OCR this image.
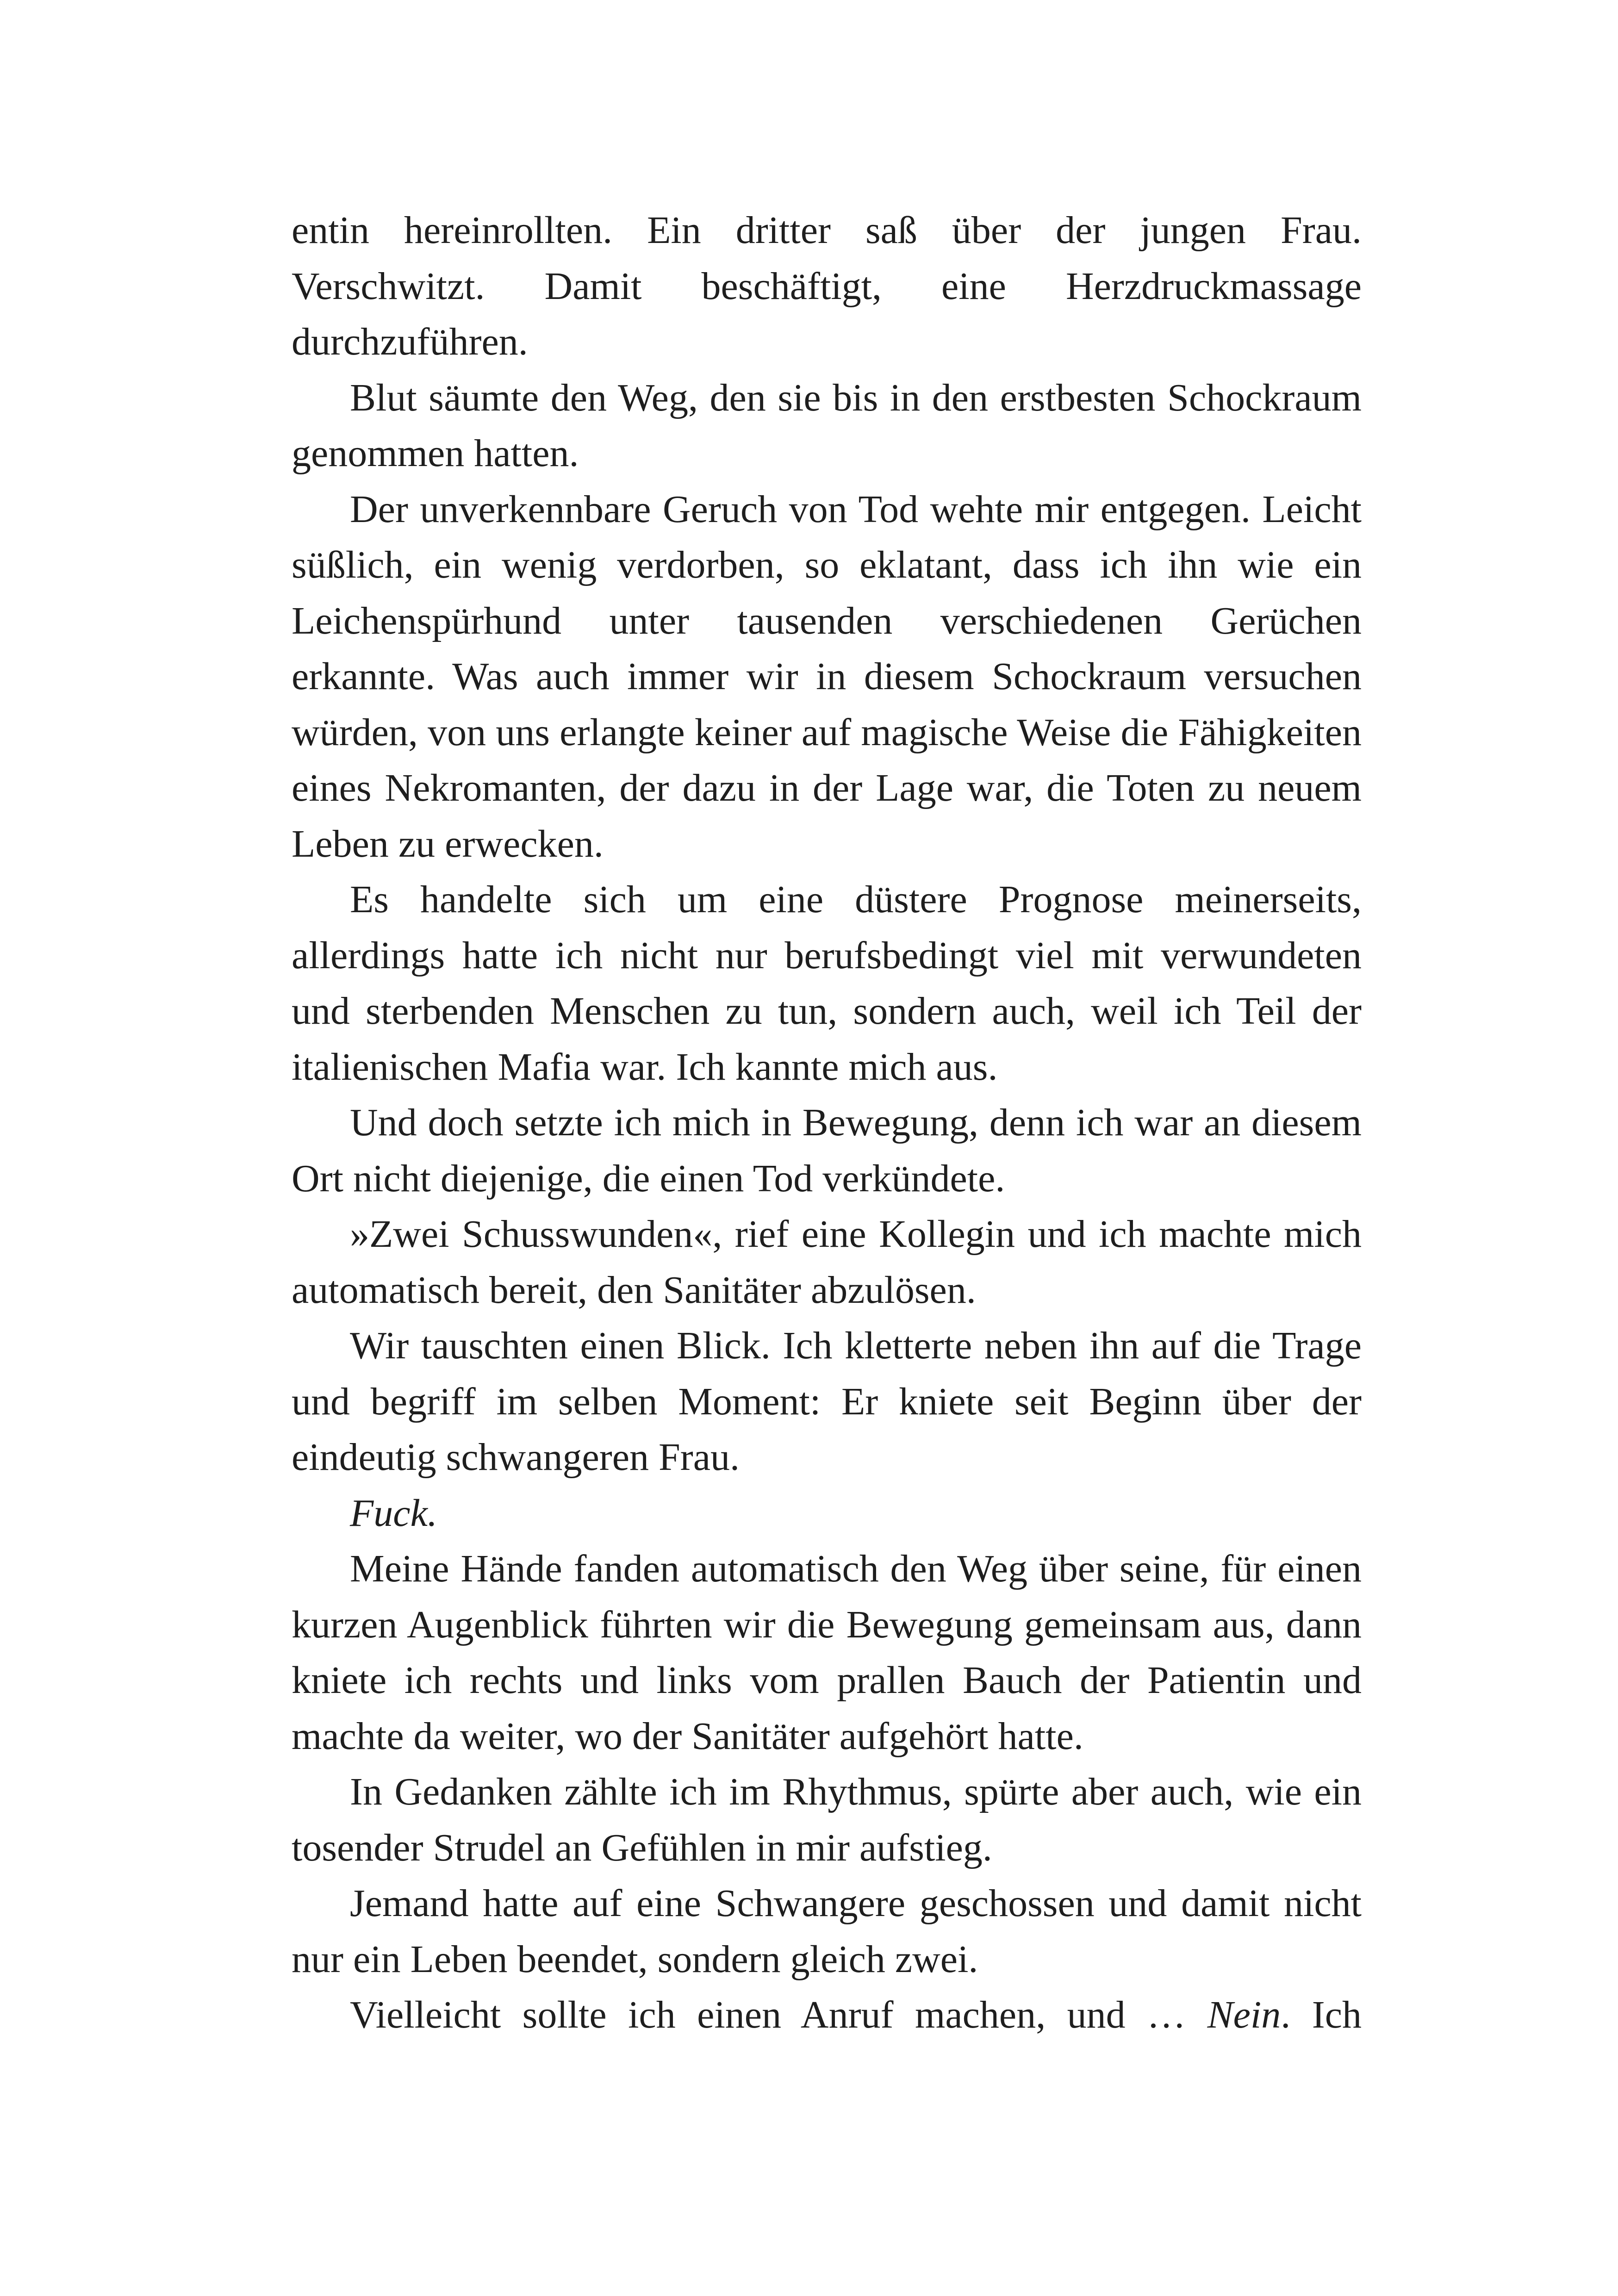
entin hereinrollten. Ein dritter saß über der jungen Frau. Verschwitzt. Damit beschäftigt, eine Herzdruckmassage durchzuführen.

Blut säumte den Weg, den sie bis in den erstbesten Schockraum genommen hatten.

Der unverkennbare Geruch von Tod wehte mir entgegen. Leicht süßlich, ein wenig verdorben, so eklatant, dass ich ihn wie ein Leichenspürhund unter tausenden verschiedenen Gerüchen erkannte. Was auch immer wir in diesem Schockraum versuchen würden, von uns erlangte keiner auf magische Weise die Fähigkeiten eines Nekromanten, der dazu in der Lage war, die Toten zu neuem Leben zu erwecken.

Es handelte sich um eine düstere Prognose meinerseits, allerdings hatte ich nicht nur berufsbedingt viel mit verwundeten und sterbenden Menschen zu tun, sondern auch, weil ich Teil der italienischen Mafia war. Ich kannte mich aus.

Und doch setzte ich mich in Bewegung, denn ich war an diesem Ort nicht diejenige, die einen Tod verkündete.

»Zwei Schusswunden«, rief eine Kollegin und ich machte mich automatisch bereit, den Sanitäter abzulösen.

Wir tauschten einen Blick. Ich kletterte neben ihn auf die Trage und begriff im selben Moment: Er kniete seit Beginn über der eindeutig schwangeren Frau.

Fuck.

Meine Hände fanden automatisch den Weg über seine, für einen kurzen Augenblick führten wir die Bewegung gemeinsam aus, dann kniete ich rechts und links vom prallen Bauch der Patientin und machte da weiter, wo der Sanitäter aufgehört hatte.

In Gedanken zählte ich im Rhythmus, spürte aber auch, wie ein tosender Strudel an Gefühlen in mir aufstieg.

Jemand hatte auf eine Schwangere geschossen und damit nicht nur ein Leben beendet, sondern gleich zwei.

Vielleicht sollte ich einen Anruf machen, und … Nein. Ich
